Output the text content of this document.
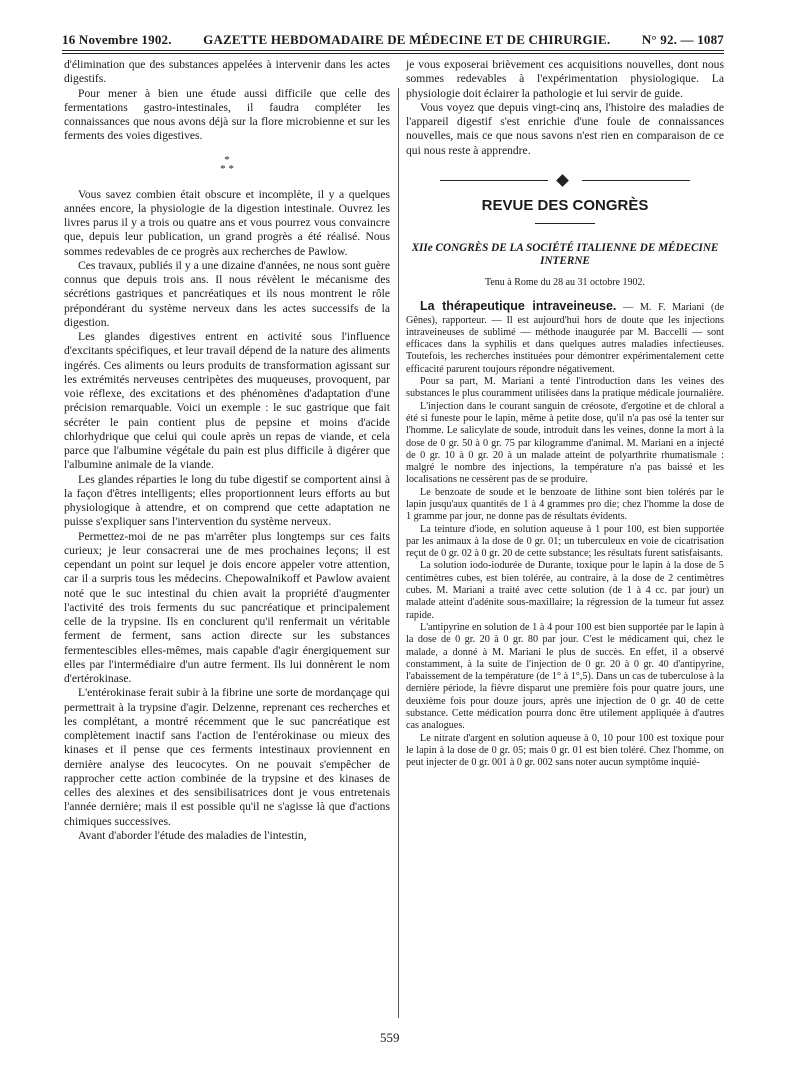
16 Novembre 1902. GAZETTE HEBDOMADAIRE DE MÉDECINE ET DE CHIRURGIE. N° 92. — 1087

d'élimination que des substances appelées à intervenir dans les actes digestifs.

Pour mener à bien une étude aussi difficile que celle des fermentations gastro-intestinales, il faudra compléter les connaissances que nous avons déjà sur la flore microbienne et sur les ferments des voies digestives.

*
* *

Vous savez combien était obscure et incomplète, il y a quelques années encore, la physiologie de la digestion intestinale. Ouvrez les livres parus il y a trois ou quatre ans et vous pourrez vous convaincre que, depuis leur publication, un grand progrès a été réalisé. Nous sommes redevables de ce progrès aux recherches de Pawlow.

Ces travaux, publiés il y a une dizaine d'années, ne nous sont guère connus que depuis trois ans. Il nous révèlent le mécanisme des sécrétions gastriques et pancréatiques et ils nous montrent le rôle prépondérant du système nerveux dans les actes successifs de la digestion.

Les glandes digestives entrent en activité sous l'influence d'excitants spécifiques, et leur travail dépend de la nature des aliments ingérés. Ces aliments ou leurs produits de transformation agissant sur les extrémités nerveuses centripètes des muqueuses, provoquent, par voie réflexe, des excitations et des phénomènes d'adaptation d'une précision remarquable. Voici un exemple : le suc gastrique que fait sécréter le pain contient plus de pepsine et moins d'acide chlorhydrique que celui qui coule après un repas de viande, et cela parce que l'albumine végétale du pain est plus difficile à digérer que l'albumine animale de la viande.

Les glandes réparties le long du tube digestif se comportent ainsi à la façon d'êtres intelligents; elles proportionnent leurs efforts au but physiologique à attendre, et on comprend que cette adaptation ne puisse s'expliquer sans l'intervention du système nerveux.

Permettez-moi de ne pas m'arrêter plus longtemps sur ces faits curieux; je leur consacrerai une de mes prochaines leçons; il est cependant un point sur lequel je dois encore appeler votre attention, car il a surpris tous les médecins. Chepowalnikoff et Pawlow avaient noté que le suc intestinal du chien avait la propriété d'augmenter l'activité des trois ferments du suc pancréatique et principalement celle de la trypsine. Ils en conclurent qu'il renfermait un véritable ferment de ferment, sans action directe sur les substances fermentescibles elles-mêmes, mais capable d'agir énergiquement sur elles par l'intermédiaire d'un autre ferment. Ils lui donnèrent le nom d'ertérokinase.

L'entérokinase ferait subir à la fibrine une sorte de mordançage qui permettrait à la trypsine d'agir. Delzenne, reprenant ces recherches et les complétant, a montré récemment que le suc pancréatique est complètement inactif sans l'action de l'entérokinase ou mieux des kinases et il pense que ces ferments intestinaux proviennent en dernière analyse des leucocytes. On ne pouvait s'empêcher de rapprocher cette action combinée de la trypsine et des kinases de celles des alexines et des sensibilisatrices dont je vous entretenais l'année dernière; mais il est possible qu'il ne s'agisse là que d'actions chimiques successives.

Avant d'aborder l'étude des maladies de l'intestin,

je vous exposerai brièvement ces acquisitions nouvelles, dont nous sommes redevables à l'expérimentation physiologique. La physiologie doit éclairer la pathologie et lui servir de guide.

Vous voyez que depuis vingt-cinq ans, l'histoire des maladies de l'appareil digestif s'est enrichie d'une foule de connaissances nouvelles, mais ce que nous savons n'est rien en comparaison de ce qui nous reste à apprendre.

REVUE DES CONGRÈS
XIIe CONGRÈS DE LA SOCIÉTÉ ITALIENNE DE MÉDECINE INTERNE
Tenu à Rome du 28 au 31 octobre 1902.

La thérapeutique intraveineuse. — M. F. Mariani (de Gênes), rapporteur. — Il est aujourd'hui hors de doute que les injections intraveineuses de sublimé — méthode inaugurée par M. Baccelli — sont efficaces dans la syphilis et dans quelques autres maladies infectieuses. Toutefois, les recherches instituées pour démontrer expérimentalement cette efficacité parurent toujours répondre négativement.

Pour sa part, M. Mariani a tenté l'introduction dans les veines des substances le plus couramment utilisées dans la pratique médicale journalière.

L'injection dans le courant sanguin de créosote, d'ergotine et de chloral a été si funeste pour le lapin, même à petite dose, qu'il n'a pas osé la tenter sur l'homme. Le salicylate de soude, introduit dans les veines, donne la mort à la dose de 0 gr. 50 à 0 gr. 75 par kilogramme d'animal. M. Mariani en a injecté de 0 gr. 10 à 0 gr. 20 à un malade atteint de polyarthrite rhumatismale : malgré le nombre des injections, la température n'a pas baissé et les localisations ne cessèrent pas de se produire.

Le benzoate de soude et le benzoate de lithine sont bien tolérés par le lapin jusqu'aux quantités de 1 à 4 grammes pro die; chez l'homme la dose de 1 gramme par jour, ne donne pas de résultats évidents.

La teinture d'iode, en solution aqueuse à 1 pour 100, est bien supportée par les animaux à la dose de 0 gr. 01; un tuberculeux en voie de cicatrisation reçut de 0 gr. 02 à 0 gr. 20 de cette substance; les résultats furent satisfaisants.

La solution iodo-iodurée de Durante, toxique pour le lapin à la dose de 5 centimètres cubes, est bien tolérée, au contraire, à la dose de 2 centimètres cubes. M. Mariani a traité avec cette solution (de 1 à 4 cc. par jour) un malade atteint d'adénite sous-maxillaire; la régression de la tumeur fut assez rapide.

L'antipyrine en solution de 1 à 4 pour 100 est bien supportée par le lapin à la dose de 0 gr. 20 à 0 gr. 80 par jour. C'est le médicament qui, chez le malade, a donné à M. Mariani le plus de succès. En effet, il a observé constamment, à la suite de l'injection de 0 gr. 20 à 0 gr. 40 d'antipyrine, l'abaissement de la température (de 1° à 1°,5). Dans un cas de tuberculose à la dernière période, la fièvre disparut une première fois pour quatre jours, une deuxième fois pour douze jours, après une injection de 0 gr. 40 de cette substance. Cette médication pourra donc être utilement appliquée à d'autres cas analogues.

Le nitrate d'argent en solution aqueuse à 0, 10 pour 100 est toxique pour le lapin à la dose de 0 gr. 05; mais 0 gr. 01 est bien toléré. Chez l'homme, on peut injecter de 0 gr. 001 à 0 gr. 002 sans noter aucun symptôme inquié-

559
